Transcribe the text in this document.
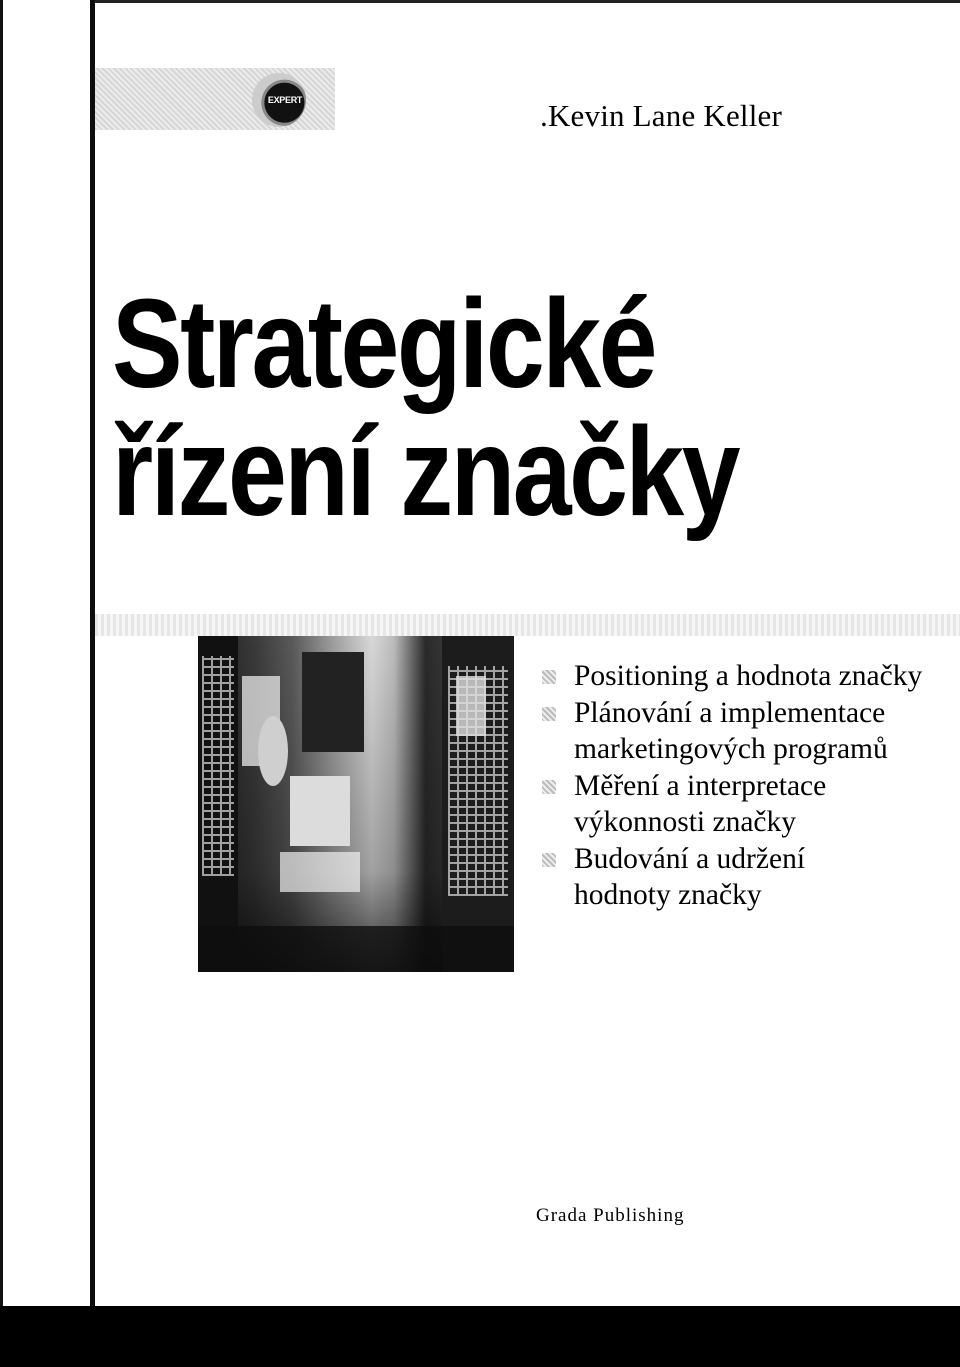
EXPERT	.Kevin Lane Keller
Strategické
řízení značky
Positioning a hodnota značky
Plánování a implementace
marketingových programů
Měření a interpretace
výkonnosti značky
Budování a udržení
hodnoty značky
Grada Publishing
